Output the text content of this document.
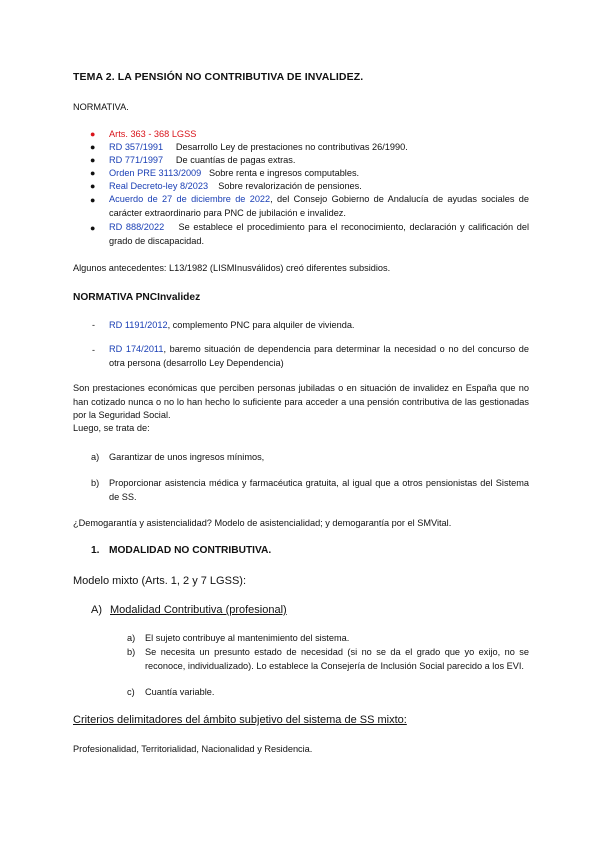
TEMA 2. LA PENSIÓN NO CONTRIBUTIVA DE INVALIDEZ.
NORMATIVA.
● Arts. 363 - 368 LGSS
● RD 357/1991 Desarrollo Ley de prestaciones no contributivas 26/1990.
● RD 771/1997 De cuantías de pagas extras.
● Orden PRE 3113/2009 Sobre renta e ingresos computables.
● Real Decreto-ley 8/2023 Sobre revalorización de pensiones.
● Acuerdo de 27 de diciembre de 2022, del Consejo Gobierno de Andalucía de ayudas sociales de carácter extraordinario para PNC de jubilación e invalidez.
● RD 888/2022 Se establece el procedimiento para el reconocimiento, declaración y calificación del grado de discapacidad.
Algunos antecedentes: L13/1982 (LISMInusválidos) creó diferentes subsidios.
NORMATIVA PNCInvalidez
- RD 1191/2012, complemento PNC para alquiler de vivienda.
- RD 174/2011, baremo situación de dependencia para determinar la necesidad o no del concurso de otra persona (desarrollo Ley Dependencia)
Son prestaciones económicas que perciben personas jubiladas o en situación de invalidez en España que no han cotizado nunca o no lo han hecho lo suficiente para acceder a una pensión contributiva de las gestionadas por la Seguridad Social.
Luego, se trata de:
a) Garantizar de unos ingresos mínimos,
b) Proporcionar asistencia médica y farmacéutica gratuita, al igual que a otros pensionistas del Sistema de SS.
¿Demogarantía y asistencialidad? Modelo de asistencialidad; y demogarantía por el SMVital.
1. MODALIDAD NO CONTRIBUTIVA.
Modelo mixto (Arts. 1, 2 y 7 LGSS):
A) Modalidad Contributiva (profesional)
a) El sujeto contribuye al mantenimiento del sistema.
b) Se necesita un presunto estado de necesidad (si no se da el grado que yo exijo, no se reconoce, individualizado). Lo establece la Consejería de Inclusión Social parecido a los EVI.
c) Cuantía variable.
Criterios delimitadores del ámbito subjetivo del sistema de SS mixto:
Profesionalidad, Territorialidad, Nacionalidad y Residencia.
